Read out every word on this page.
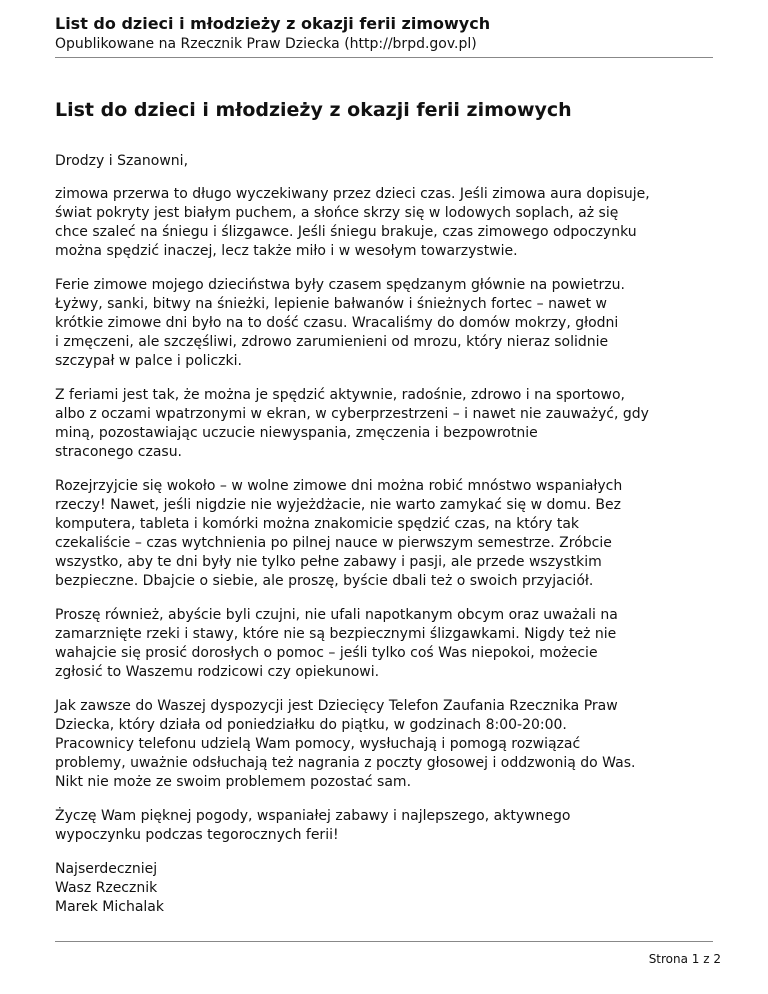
List do dzieci i młodzieży z okazji ferii zimowych
Opublikowane na Rzecznik Praw Dziecka (http://brpd.gov.pl)
List do dzieci i młodzieży z okazji ferii zimowych

Drodzy i Szanowni,

zimowa przerwa to długo wyczekiwany przez dzieci czas. Jeśli zimowa aura dopisuje,
świat pokryty jest białym puchem, a słońce skrzy się w lodowych soplach, aż się
chce szaleć na śniegu i ślizgawce. Jeśli śniegu brakuje, czas zimowego odpoczynku
można spędzić inaczej, lecz także miło i w wesołym towarzystwie.

Ferie zimowe mojego dzieciństwa były czasem spędzanym głównie na powietrzu.
Łyżwy, sanki, bitwy na śnieżki, lepienie bałwanów i śnieżnych fortec – nawet w
krótkie zimowe dni było na to dość czasu. Wracaliśmy do domów mokrzy, głodni
i zmęczeni, ale szczęśliwi, zdrowo zarumienieni od mrozu, który nieraz solidnie
szczypał w palce i policzki.

Z feriami jest tak, że można je spędzić aktywnie, radośnie, zdrowo i na sportowo,
albo z oczami wpatrzonymi w ekran, w cyberprzestrzeni – i nawet nie zauważyć, gdy
miną, pozostawiając uczucie niewyspania, zmęczenia i bezpowrotnie
straconego czasu.

Rozejrzyjcie się wokoło – w wolne zimowe dni można robić mnóstwo wspaniałych
rzeczy! Nawet, jeśli nigdzie nie wyjeżdżacie, nie warto zamykać się w domu. Bez
komputera, tableta i komórki można znakomicie spędzić czas, na który tak
czekaliście – czas wytchnienia po pilnej nauce w pierwszym semestrze. Zróbcie
wszystko, aby te dni były nie tylko pełne zabawy i pasji, ale przede wszystkim
bezpieczne. Dbajcie o siebie, ale proszę, byście dbali też o swoich przyjaciół.

Proszę również, abyście byli czujni, nie ufali napotkanym obcym oraz uważali na
zamarznięte rzeki i stawy, które nie są bezpiecznymi ślizgawkami. Nigdy też nie
wahajcie się prosić dorosłych o pomoc – jeśli tylko coś Was niepokoi, możecie
zgłosić to Waszemu rodzicowi czy opiekunowi.

Jak zawsze do Waszej dyspozycji jest Dziecięcy Telefon Zaufania Rzecznika Praw
Dziecka, który działa od poniedziałku do piątku, w godzinach 8:00-20:00.
Pracownicy telefonu udzielą Wam pomocy, wysłuchają i pomogą rozwiązać
problemy, uważnie odsłuchają też nagrania z poczty głosowej i oddzwonią do Was.
Nikt nie może ze swoim problemem pozostać sam.

Życzę Wam pięknej pogody, wspaniałej zabawy i najlepszego, aktywnego
wypoczynku podczas tegorocznych ferii!

Najserdeczniej
Wasz Rzecznik
Marek Michalak

Strona 1 z 2
